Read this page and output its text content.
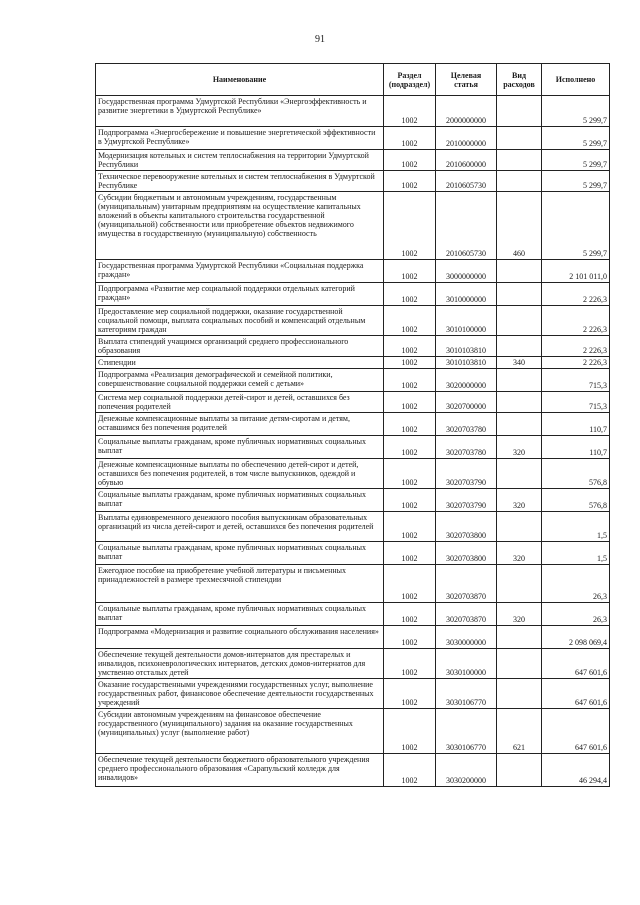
91
Наименование	Раздел (подраздел)	Целевая статья	Вид расходов	Исполнено
Государственная программа Удмуртской Республики «Энергоэффективность и развитие энергетики в Удмуртской Республике»	1002	2000000000		5 299,7
Подпрограмма «Энергосбережение и повышение энергетической эффективности в Удмуртской Республике»	1002	2010000000		5 299,7
Модернизация котельных и систем теплоснабжения на территории Удмуртской Республики	1002	2010600000		5 299,7
Техническое перевооружение котельных и систем теплоснабжения в Удмуртской Республике	1002	2010605730		5 299,7
Субсидии бюджетным и автономным учреждениям, государственным (муниципальным) унитарным предприятиям на осуществление капитальных вложений в объекты капитального строительства государственной (муниципальной) собственности или приобретение объектов недвижимого имущества в государственную (муниципальную) собственность	1002	2010605730	460	5 299,7
Государственная программа Удмуртской Республики «Социальная поддержка граждан»	1002	3000000000		2 101 011,0
Подпрограмма «Развитие мер социальной поддержки отдельных категорий граждан»	1002	3010000000		2 226,3
Предоставление мер социальной поддержки, оказание государственной социальной помощи, выплата социальных пособий и компенсаций отдельным категориям граждан	1002	3010100000		2 226,3
Выплата стипендий учащимся организаций среднего профессионального образования	1002	3010103810		2 226,3
Стипендии	1002	3010103810	340	2 226,3
Подпрограмма «Реализация демографической и семейной политики, совершенствование социальной поддержки семей с детьми»	1002	3020000000		715,3
Система мер социальной поддержки детей-сирот и детей, оставшихся без попечения родителей	1002	3020700000		715,3
Денежные компенсационные выплаты за питание детям-сиротам и детям, оставшимся без попечения родителей	1002	3020703780		110,7
Социальные выплаты гражданам, кроме публичных нормативных социальных выплат	1002	3020703780	320	110,7
Денежные компенсационные выплаты по обеспечению детей-сирот и детей, оставшихся без попечения родителей, в том числе выпускников, одеждой и обувью	1002	3020703790		576,8
Социальные выплаты гражданам, кроме публичных нормативных социальных выплат	1002	3020703790	320	576,8
Выплаты единовременного денежного пособия выпускникам образовательных организаций из числа детей-сирот и детей, оставшихся без попечения родителей	1002	3020703800		1,5
Социальные выплаты гражданам, кроме публичных нормативных социальных выплат	1002	3020703800	320	1,5
Ежегодное пособие на приобретение учебной литературы и письменных принадлежностей в размере трехмесячной стипендии	1002	3020703870		26,3
Социальные выплаты гражданам, кроме публичных нормативных социальных выплат	1002	3020703870	320	26,3
Подпрограмма «Модернизация и развитие социального обслуживания населения»	1002	3030000000		2 098 069,4
Обеспечение текущей деятельности домов-интернатов для престарелых и инвалидов, психоневрологических интернатов, детских домов-интернатов для умственно отсталых детей	1002	3030100000		647 601,6
Оказание государственными учреждениями государственных услуг, выполнение государственных работ, финансовое обеспечение деятельности государственных учреждений	1002	3030106770		647 601,6
Субсидии автономным учреждениям на финансовое обеспечение государственного (муниципального) задания на оказание государственных (муниципальных) услуг (выполнение работ)	1002	3030106770	621	647 601,6
Обеспечение текущей деятельности бюджетного образовательного учреждения среднего профессионального образования «Сарапульский колледж для инвалидов»	1002	3030200000		46 294,4
